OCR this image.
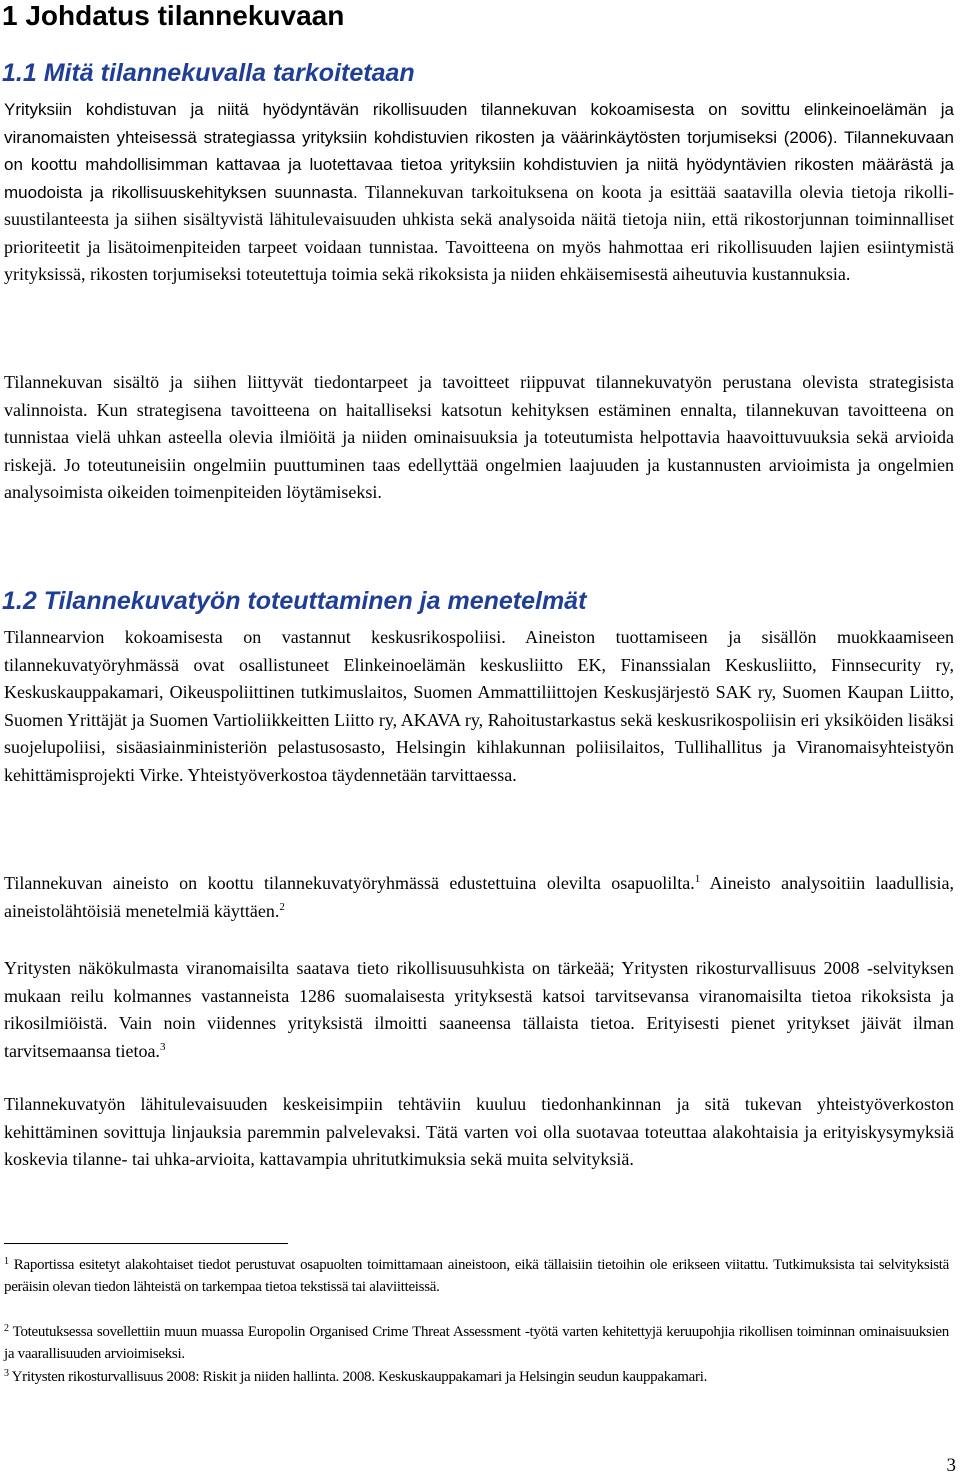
1 Johdatus tilannekuvaan
1.1 Mitä tilannekuvalla tarkoitetaan

Yrityksiin kohdistuvan ja niitä hyödyntävän rikollisuuden tilannekuvan kokoamisesta on sovittu elinkeinoelämän ja viranomaisten yhteisessä strategiassa yrityksiin kohdistuvien rikosten ja väärinkäytösten torjumiseksi (2006). Tilannekuvaan on koottu mahdollisimman kattavaa ja luotettavaa tietoa yrityksiin kohdistuvien ja niitä hyödyntävien rikosten määrästä ja muodoista ja rikollisuuskehityksen suunnasta. Tilannekuvan tarkoituksena on koota ja esittää saatavilla olevia tietoja rikollisuustilanteesta ja siihen sisältyvistä lähitulevaisuuden uhkista sekä analysoida näitä tietoja niin, että rikostorjunnan toiminnalliset prioriteetit ja lisätoimenpiteiden tarpeet voidaan tunnistaa. Tavoitteena on myös hahmottaa eri rikollisuuden lajien esiintymistä yrityksissä, rikosten torjumiseksi toteutettuja toimia sekä rikoksista ja niiden ehkäisemisestä aiheutuvia kustannuksia.

Tilannekuvan sisältö ja siihen liittyvät tiedontarpeet ja tavoitteet riippuvat tilannekuvatyön perustana olevista strategisista valinnoista. Kun strategisena tavoitteena on haitalliseksi katsotun kehityksen estäminen ennalta, tilannekuvan tavoitteena on tunnistaa vielä uhkan asteella olevia ilmiöitä ja niiden ominaisuuksia ja toteutumista helpottavia haavoittuvuuksia sekä arvioida riskejä. Jo toteutuneisiin ongelmiin puuttuminen taas edellyttää ongelmien laajuuden ja kustannusten arvioimista ja ongelmien analysoimista oikeiden toimenpiteiden löytämiseksi.

1.2 Tilannekuvatyön toteuttaminen ja menetelmät

Tilannearvion kokoamisesta on vastannut keskusrikospoliisi. Aineiston tuottamiseen ja sisällön muokkaamiseen tilannekuvatyöryhmässä ovat osallistuneet Elinkeinoelämän keskusliitto EK, Finanssialan Keskusliitto, Finnsecurity ry, Keskuskauppakamari, Oikeuspoliittinen tutkimuslaitos, Suomen Ammattiliittojen Keskusjärjestö SAK ry, Suomen Kaupan Liitto, Suomen Yrittäjät ja Suomen Vartioliikkeitten Liitto ry, AKAVA ry, Rahoitustarkastus sekä keskusrikospoliisin eri yksiköiden lisäksi suojelupoliisi, sisäasiainministeriön pelastusosasto, Helsingin kihlakunnan poliisilaitos, Tullihallitus ja Viranomaisyhteistyön kehittämisprojekti Virke. Yhteistyöverkostoa täydennetään tarvittaessa.

Tilannekuvan aineisto on koottu tilannekuvatyöryhmässä edustettuina olevilta osapuolilta.$^1$ Aineisto analysoitiin laadullisia, aineistolähtöisiä menetelmiä käyttäen.$^2$

Yritysten näkökulmasta viranomaisilta saatava tieto rikollisuusuhkista on tärkeää; Yritysten rikosturvallisuus 2008 -selvityksen mukaan reilu kolmannes vastanneista 1286 suomalaisesta yrityksestä katsoi tarvitsevansa viranomaisilta tietoa rikoksista ja rikosilmiöistä. Vain noin viidennes yrityksistä ilmoitti saaneensa tällaista tietoa. Erityisesti pienet yritykset jäivät ilman tarvitsemaansa tietoa.$^3$

Tilannekuvatyön lähitulevaisuuden keskeisimpiin tehtäviin kuuluu tiedonhankinnan ja sitä tukevan yhteistyöverkoston kehittäminen sovittuja linjauksia paremmin palvelevaksi. Tätä varten voi olla suotavaa toteuttaa alakohtaisia ja erityiskysymyksiä koskevia tilanne- tai uhka-arvioita, kattavampia uhritutkimuksia sekä muita selvityksiä.

$^1$ Raportissa esitetyt alakohtaiset tiedot perustuvat osapuolten toimittamaan aineistoon, eikä tällaisiin tietoihin ole erikseen viitattu. Tutkimuksista tai selvityksistä peräisin olevan tiedon lähteistä on tarkempaa tietoa tekstissä tai alaviitteissä.

$^2$ Toteutuksessa sovellettiin muun muassa Europolin Organised Crime Threat Assessment -työtä varten kehitettyjä keruupohjia rikollisen toiminnan ominaisuuksien ja vaarallisuuden arvioimiseksi.

$^3$ Yritysten rikosturvallisuus 2008: Riskit ja niiden hallinta. 2008. Keskuskauppakamari ja Helsingin seudun kauppakamari.

3
